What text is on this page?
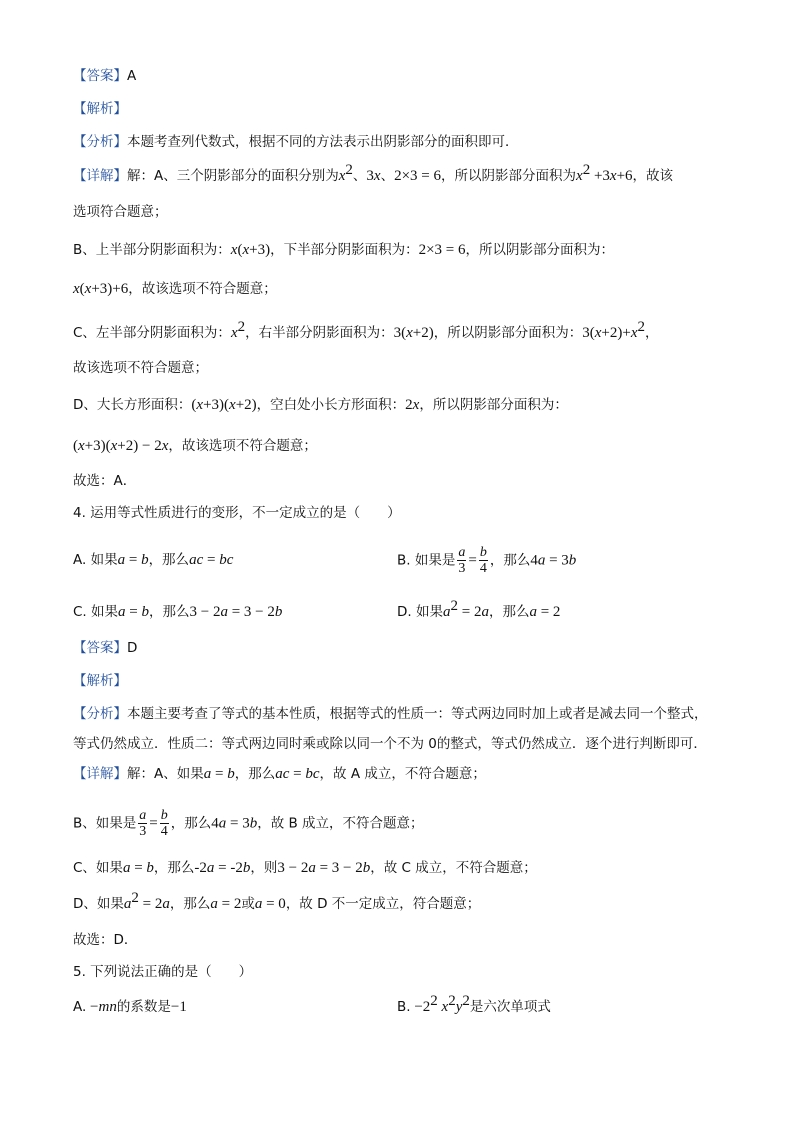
【答案】A
【解析】
【分析】本题考查列代数式，根据不同的方法表示出阴影部分的面积即可．
【详解】解：A、三个阴影部分的面积分别为$x^2$、3x、2×3 = 6，所以阴影部分面积为$x^2 +3x+6$，故该
选项符合题意；
B、上半部分阴影面积为：x(x+3)，下半部分阴影面积为：2×3 = 6，所以阴影部分面积为：
x(x+3)+6，故该选项不符合题意；
C、左半部分阴影面积为：$x^2$，右半部分阴影面积为：3(x+2)，所以阴影部分面积为：$3(x+2)+x^2$，
故该选项不符合题意；
D、大长方形面积：(x+3)(x+2)，空白处小长方形面积：2x，所以阴影部分面积为：
(x+3)(x+2) − 2x，故该选项不符合题意；
故选：A．
4. 运用等式性质进行的变形，不一定成立的是（　　）
A. 如果a = b，那么ac = bc	B. 如果是 $\frac{a}{3} = \frac{b}{4}$ ，那么4a = 3b
C. 如果a = b，那么3 − 2a = 3 − 2b	D. 如果$a^2 = 2a$，那么a = 2
【答案】D
【解析】
【分析】本题主要考查了等式的基本性质，根据等式的性质一：等式两边同时加上或者是减去同一个整式，
等式仍然成立．性质二：等式两边同时乘或除以同一个不为 0的整式，等式仍然成立．逐个进行判断即可．
【详解】解：A、如果a = b，那么ac = bc，故 A 成立，不符合题意；
B、如果是 $\frac{a}{3} = \frac{b}{4}$ ，那么4a = 3b，故 B 成立，不符合题意；
C、如果a = b，那么-2a = -2b，则3 − 2a = 3 − 2b，故 C 成立，不符合题意；
D、如果$a^2 = 2a$，那么a = 2或a = 0，故 D 不一定成立，符合题意；
故选：D．
5. 下列说法正确的是（　　）
A. −mn的系数是−1	B. $-2^2$ $x^2y^2$是六次单项式
